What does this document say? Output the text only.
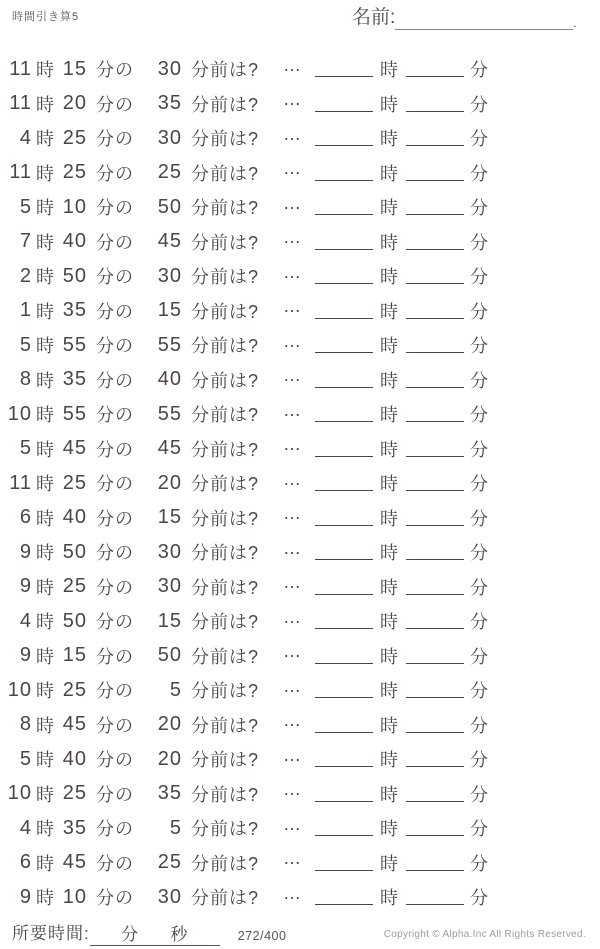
時間引き算5	名前:	.
11 時 15 分の	30 分前は? …	時	分
11 時 20 分の	35 分前は? …	時	分
4 時 25 分の	30 分前は? …	時	分
11 時 25 分の	25 分前は? …	時	分
5 時 10 分の	50 分前は? …	時	分
7 時 40 分の	45 分前は? …	時	分
2 時 50 分の	30 分前は? …	時	分
1 時 35 分の	15 分前は? …	時	分
5 時 55 分の	55 分前は? …	時	分
8 時 35 分の	40 分前は? …	時	分
10 時 55 分の	55 分前は? …	時	分
5 時 45 分の	45 分前は? …	時	分
11 時 25 分の	20 分前は? …	時	分
6 時 40 分の	15 分前は? …	時	分
9 時 50 分の	30 分前は? …	時	分
9 時 25 分の	30 分前は? …	時	分
4 時 50 分の	15 分前は? …	時	分
9 時 15 分の	50 分前は? …	時	分
10 時 25 分の	5 分前は? …	時	分
8 時 45 分の	20 分前は? …	時	分
5 時 40 分の	20 分前は? …	時	分
10 時 25 分の	35 分前は? …	時	分
4 時 35 分の	5 分前は? …	時	分
6 時 45 分の	25 分前は? …	時	分
9 時 10 分の	30 分前は? …	時	分
所要時間: 分 秒	272/400	Copyright © Alpha.Inc All Rights Reserved.
